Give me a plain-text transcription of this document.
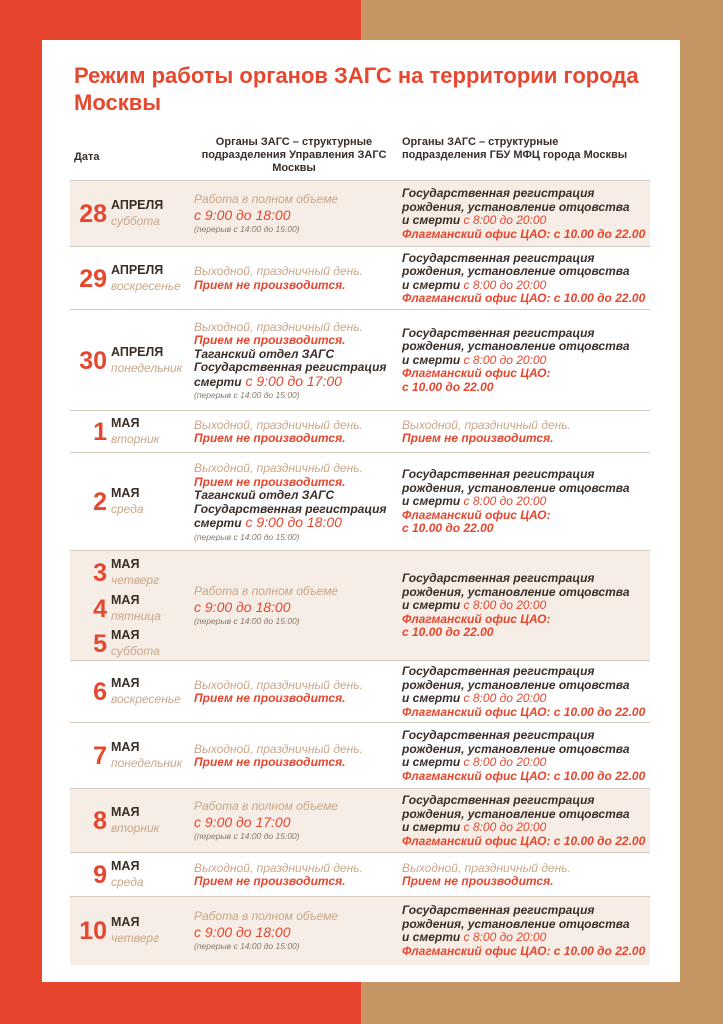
Режим работы органов ЗАГС на территории города Москвы
Дата
Органы ЗАГС – структурные подразделения Управления ЗАГС Москвы
Органы ЗАГС – структурные подразделения ГБУ МФЦ города Москвы
28 АПРЕЛЯ
суббота
Работа в полном объеме
с 9:00 до 18:00
(перерыв с 14:00 до 15:00)
Государственная регистрация
рождения, установление отцовства
и смерти с 8:00 до 20:00
Флагманский офис ЦАО: с 10.00 до 22.00
29 АПРЕЛЯ
воскресенье
Выходной, праздничный день.
Прием не производится.
Государственная регистрация
рождения, установление отцовства
и смерти с 8:00 до 20:00
Флагманский офис ЦАО: с 10.00 до 22.00
30 АПРЕЛЯ
понедельник
Выходной, праздничный день.
Прием не производится.
Таганский отдел ЗАГС
Государственная регистрация
смерти с 9:00 до 17:00
(перерыв с 14:00 до 15:00)
Государственная регистрация
рождения, установление отцовства
и смерти с 8:00 до 20:00
Флагманский офис ЦАО:
с 10.00 до 22.00
1 МАЯ
вторник
Выходной, праздничный день.
Прием не производится.
Выходной, праздничный день.
Прием не производится.
2 МАЯ
среда
Выходной, праздничный день.
Прием не производится.
Таганский отдел ЗАГС
Государственная регистрация
смерти с 9:00 до 18:00
(перерыв с 14:00 до 15:00)
Государственная регистрация
рождения, установление отцовства
и смерти с 8:00 до 20:00
Флагманский офис ЦАО:
с 10.00 до 22.00
3 МАЯ
четверг
4 МАЯ
пятница
5 МАЯ
суббота
Работа в полном объеме
с 9:00 до 18:00
(перерыв с 14:00 до 15:00)
Государственная регистрация
рождения, установление отцовства
и смерти с 8:00 до 20:00
Флагманский офис ЦАО:
с 10.00 до 22.00
6 МАЯ
воскресенье
Выходной, праздничный день.
Прием не производится.
Государственная регистрация
рождения, установление отцовства
и смерти с 8:00 до 20:00
Флагманский офис ЦАО: с 10.00 до 22.00
7 МАЯ
понедельник
Выходной, праздничный день.
Прием не производится.
Государственная регистрация
рождения, установление отцовства
и смерти с 8:00 до 20:00
Флагманский офис ЦАО: с 10.00 до 22.00
8 МАЯ
вторник
Работа в полном объеме
с 9:00 до 17:00
(перерыв с 14:00 до 15:00)
Государственная регистрация
рождения, установление отцовства
и смерти с 8:00 до 20:00
Флагманский офис ЦАО: с 10.00 до 22.00
9 МАЯ
среда
Выходной, праздничный день.
Прием не производится.
Выходной, праздничный день.
Прием не производится.
10 МАЯ
четверг
Работа в полном объеме
с 9:00 до 18:00
(перерыв с 14:00 до 15:00)
Государственная регистрация
рождения, установление отцовства
и смерти с 8:00 до 20:00
Флагманский офис ЦАО: с 10.00 до 22.00
